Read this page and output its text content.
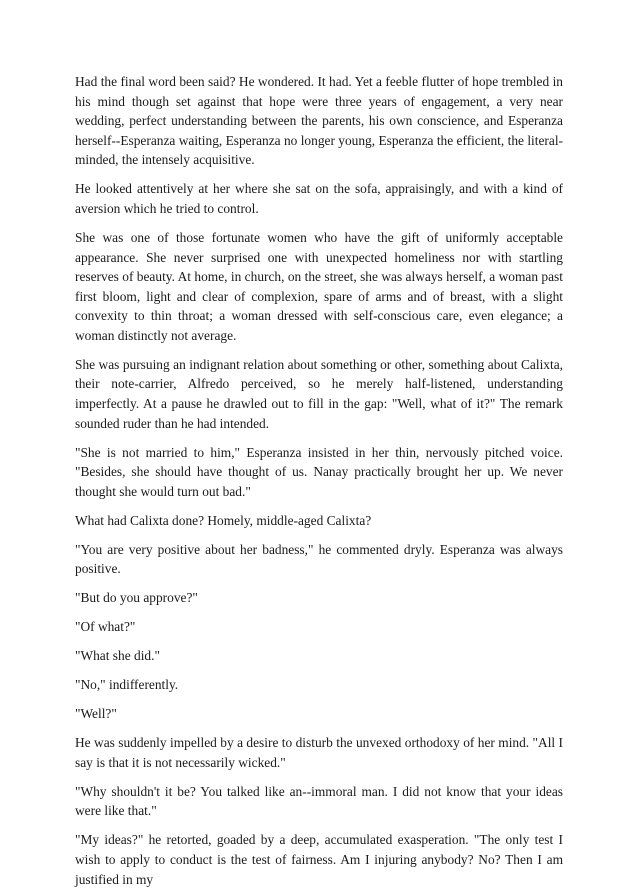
Had the final word been said? He wondered. It had. Yet a feeble flutter of hope trembled in his mind though set against that hope were three years of engagement, a very near wedding, perfect understanding between the parents, his own conscience, and Esperanza herself--Esperanza waiting, Esperanza no longer young, Esperanza the efficient, the literal-minded, the intensely acquisitive.

He looked attentively at her where she sat on the sofa, appraisingly, and with a kind of aversion which he tried to control.

She was one of those fortunate women who have the gift of uniformly acceptable appearance. She never surprised one with unexpected homeliness nor with startling reserves of beauty. At home, in church, on the street, she was always herself, a woman past first bloom, light and clear of complexion, spare of arms and of breast, with a slight convexity to thin throat; a woman dressed with self-conscious care, even elegance; a woman distinctly not average.

She was pursuing an indignant relation about something or other, something about Calixta, their note-carrier, Alfredo perceived, so he merely half-listened, understanding imperfectly. At a pause he drawled out to fill in the gap: "Well, what of it?" The remark sounded ruder than he had intended.

"She is not married to him," Esperanza insisted in her thin, nervously pitched voice. "Besides, she should have thought of us. Nanay practically brought her up. We never thought she would turn out bad."

What had Calixta done? Homely, middle-aged Calixta?

"You are very positive about her badness," he commented dryly. Esperanza was always positive.

"But do you approve?"

"Of what?"

"What she did."

"No," indifferently.

"Well?"

He was suddenly impelled by a desire to disturb the unvexed orthodoxy of her mind. "All I say is that it is not necessarily wicked."

"Why shouldn't it be? You talked like an--immoral man. I did not know that your ideas were like that."

"My ideas?" he retorted, goaded by a deep, accumulated exasperation. "The only test I wish to apply to conduct is the test of fairness. Am I injuring anybody? No? Then I am justified in my
